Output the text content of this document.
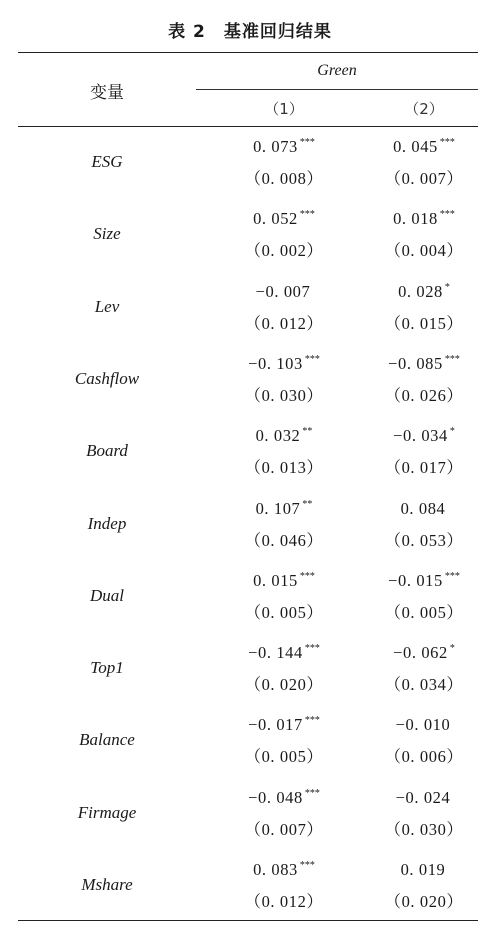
表 2　基准回归结果
变量
Green
（1）	（2）
ESG
0. 073 ***
（0. 008）
0. 045 ***
（0. 007）
Size
0. 052 ***
（0. 002）
0. 018 ***
（0. 004）
Lev
−0. 007
（0. 012）
0. 028 *
（0. 015）
Cashflow
−0. 103 ***
（0. 030）
−0. 085 ***
（0. 026）
Board
0. 032 **
（0. 013）
−0. 034 *
（0. 017）
Indep
0. 107 **
（0. 046）
0. 084
（0. 053）
Dual
0. 015 ***
（0. 005）
−0. 015 ***
（0. 005）
Top1
−0. 144 ***
（0. 020）
−0. 062 *
（0. 034）
Balance
−0. 017 ***
（0. 005）
−0. 010
（0. 006）
Firmage
−0. 048 ***
（0. 007）
−0. 024
（0. 030）
Mshare
0. 083 ***
（0. 012）
0. 019
（0. 020）
